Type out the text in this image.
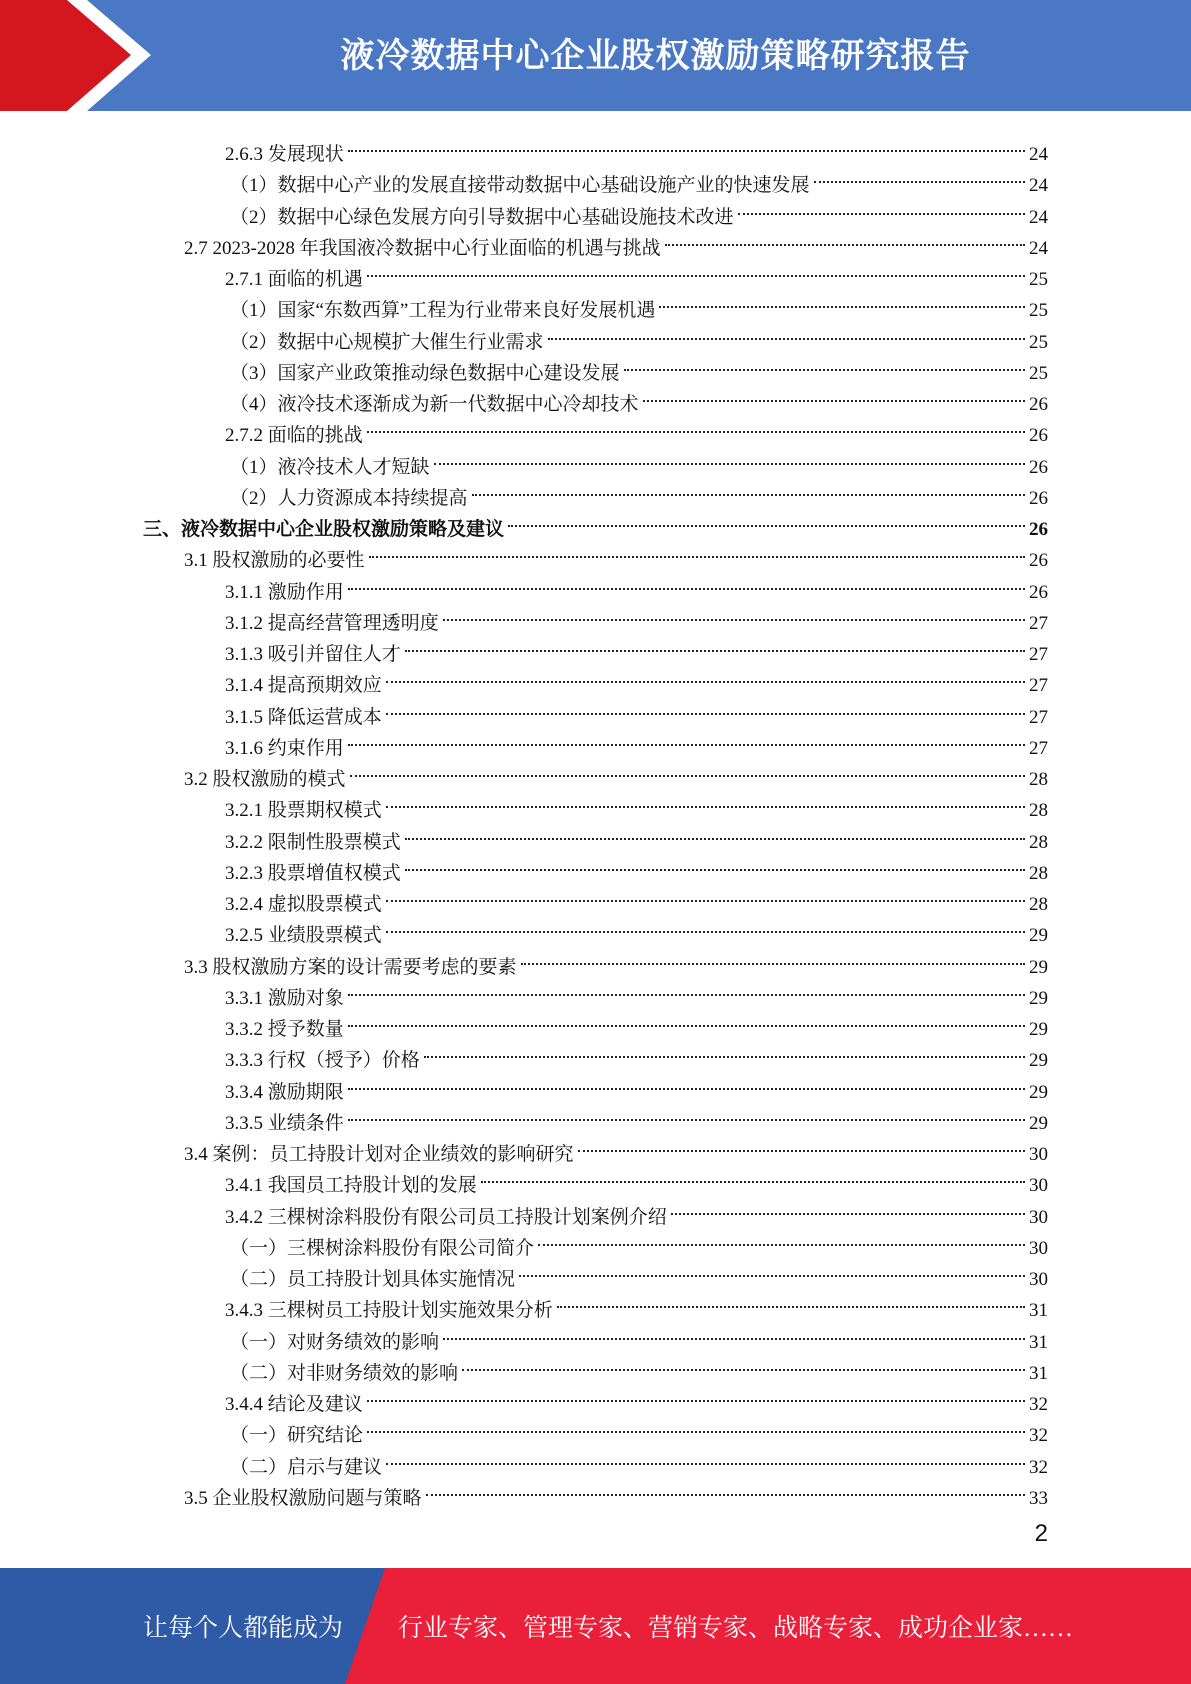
液冷数据中心企业股权激励策略研究报告
2.6.3 发展现状	24
（1）数据中心产业的发展直接带动数据中心基础设施产业的快速发展	24
（2）数据中心绿色发展方向引导数据中心基础设施技术改进	24
2.7 2023-2028 年我国液冷数据中心行业面临的机遇与挑战	24
2.7.1 面临的机遇	25
（1）国家“东数西算”工程为行业带来良好发展机遇	25
（2）数据中心规模扩大催生行业需求	25
（3）国家产业政策推动绿色数据中心建设发展	25
（4）液冷技术逐渐成为新一代数据中心冷却技术	26
2.7.2 面临的挑战	26
（1）液冷技术人才短缺	26
（2）人力资源成本持续提高	26
三、液冷数据中心企业股权激励策略及建议	26
3.1 股权激励的必要性	26
3.1.1 激励作用	26
3.1.2 提高经营管理透明度	27
3.1.3 吸引并留住人才	27
3.1.4 提高预期效应	27
3.1.5 降低运营成本	27
3.1.6 约束作用	27
3.2 股权激励的模式	28
3.2.1 股票期权模式	28
3.2.2 限制性股票模式	28
3.2.3 股票增值权模式	28
3.2.4 虚拟股票模式	28
3.2.5 业绩股票模式	29
3.3 股权激励方案的设计需要考虑的要素	29
3.3.1 激励对象	29
3.3.2 授予数量	29
3.3.3 行权（授予）价格	29
3.3.4 激励期限	29
3.3.5 业绩条件	29
3.4 案例：员工持股计划对企业绩效的影响研究	30
3.4.1 我国员工持股计划的发展	30
3.4.2 三棵树涂料股份有限公司员工持股计划案例介绍	30
（一）三棵树涂料股份有限公司简介	30
（二）员工持股计划具体实施情况	30
3.4.3 三棵树员工持股计划实施效果分析	31
（一）对财务绩效的影响	31
（二）对非财务绩效的影响	31
3.4.4 结论及建议	32
（一）研究结论	32
（二）启示与建议	32
3.5 企业股权激励问题与策略	33
2
让每个人都能成为 行业专家、管理专家、营销专家、战略专家、成功企业家……
